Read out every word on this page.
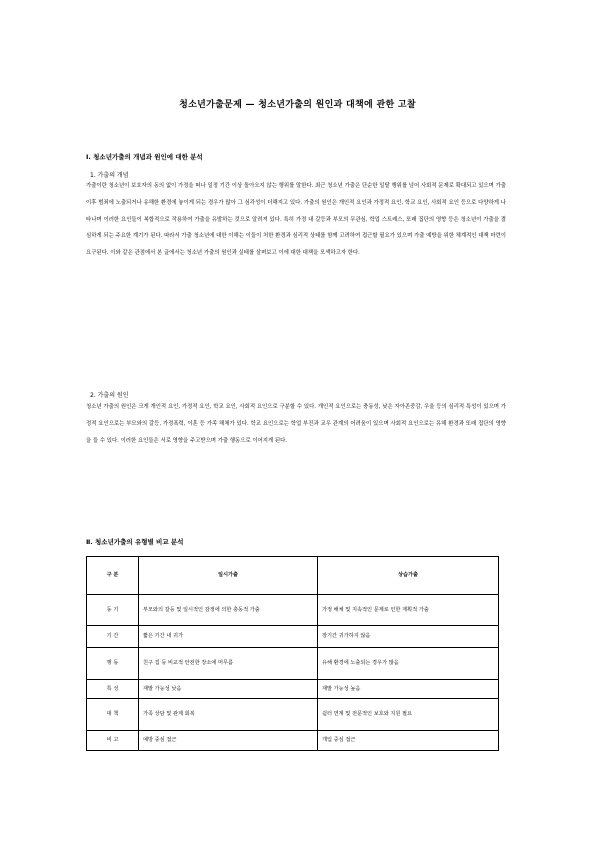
청소년가출문제 — 청소년가출의 원인과 대책에 관한 고찰
Ⅰ. 청소년가출의 개념과 원인에 대한 분석
1. 가출의 개념
가출이란 청소년이 보호자의 동의 없이 가정을 떠나 일정 기간 이상 돌아오지 않는 행위를 말한다. 최근 청소년 가출은 단순한 일탈 행위를 넘어 사회적 문제로 확대되고 있으며 가출 이후 범죄에 노출되거나 유해한 환경에 놓이게 되는 경우가 많아 그 심각성이 더해지고 있다. 가출의 원인은 개인적 요인과 가정적 요인, 학교 요인, 사회적 요인 등으로 다양하게 나타나며 이러한 요인들이 복합적으로 작용하여 가출을 유발하는 것으로 알려져 있다. 특히 가정 내 갈등과 부모의 무관심, 학업 스트레스, 또래 집단의 영향 등은 청소년이 가출을 결심하게 되는 주요한 계기가 된다. 따라서 가출 청소년에 대한 이해는 이들이 처한 환경과 심리적 상태를 함께 고려하여 접근할 필요가 있으며 가출 예방을 위한 체계적인 대책 마련이 요구된다. 이와 같은 관점에서 본 글에서는 청소년 가출의 원인과 실태를 살펴보고 이에 대한 대책을 모색하고자 한다.
2. 가출의 원인
청소년 가출의 원인은 크게 개인적 요인, 가정적 요인, 학교 요인, 사회적 요인으로 구분할 수 있다. 개인적 요인으로는 충동성, 낮은 자아존중감, 우울 등의 심리적 특성이 있으며 가정적 요인으로는 부모와의 갈등, 가정폭력, 이혼 등 가족 해체가 있다. 학교 요인으로는 학업 부진과 교우 관계의 어려움이 있으며 사회적 요인으로는 유해 환경과 또래 집단의 영향을 들 수 있다. 이러한 요인들은 서로 영향을 주고받으며 가출 행동으로 이어지게 된다.
Ⅱ. 청소년가출의 유형별 비교 분석
구 분	일시가출	상습가출
동 기	부모와의 갈등 및 일시적인 감정에 의한 충동적 가출	가정 해체 및 지속적인 문제로 인한 계획적 가출
기 간	짧은 기간 내 귀가	장기간 귀가하지 않음
행 동	친구 집 등 비교적 안전한 장소에 머무름	유해 환경에 노출되는 경우가 많음
특 성	재발 가능성 낮음	재발 가능성 높음
대 책	가족 상담 및 관계 회복	쉼터 연계 및 전문적인 보호와 지원 필요
비 고	예방 중심 접근	개입 중심 접근
